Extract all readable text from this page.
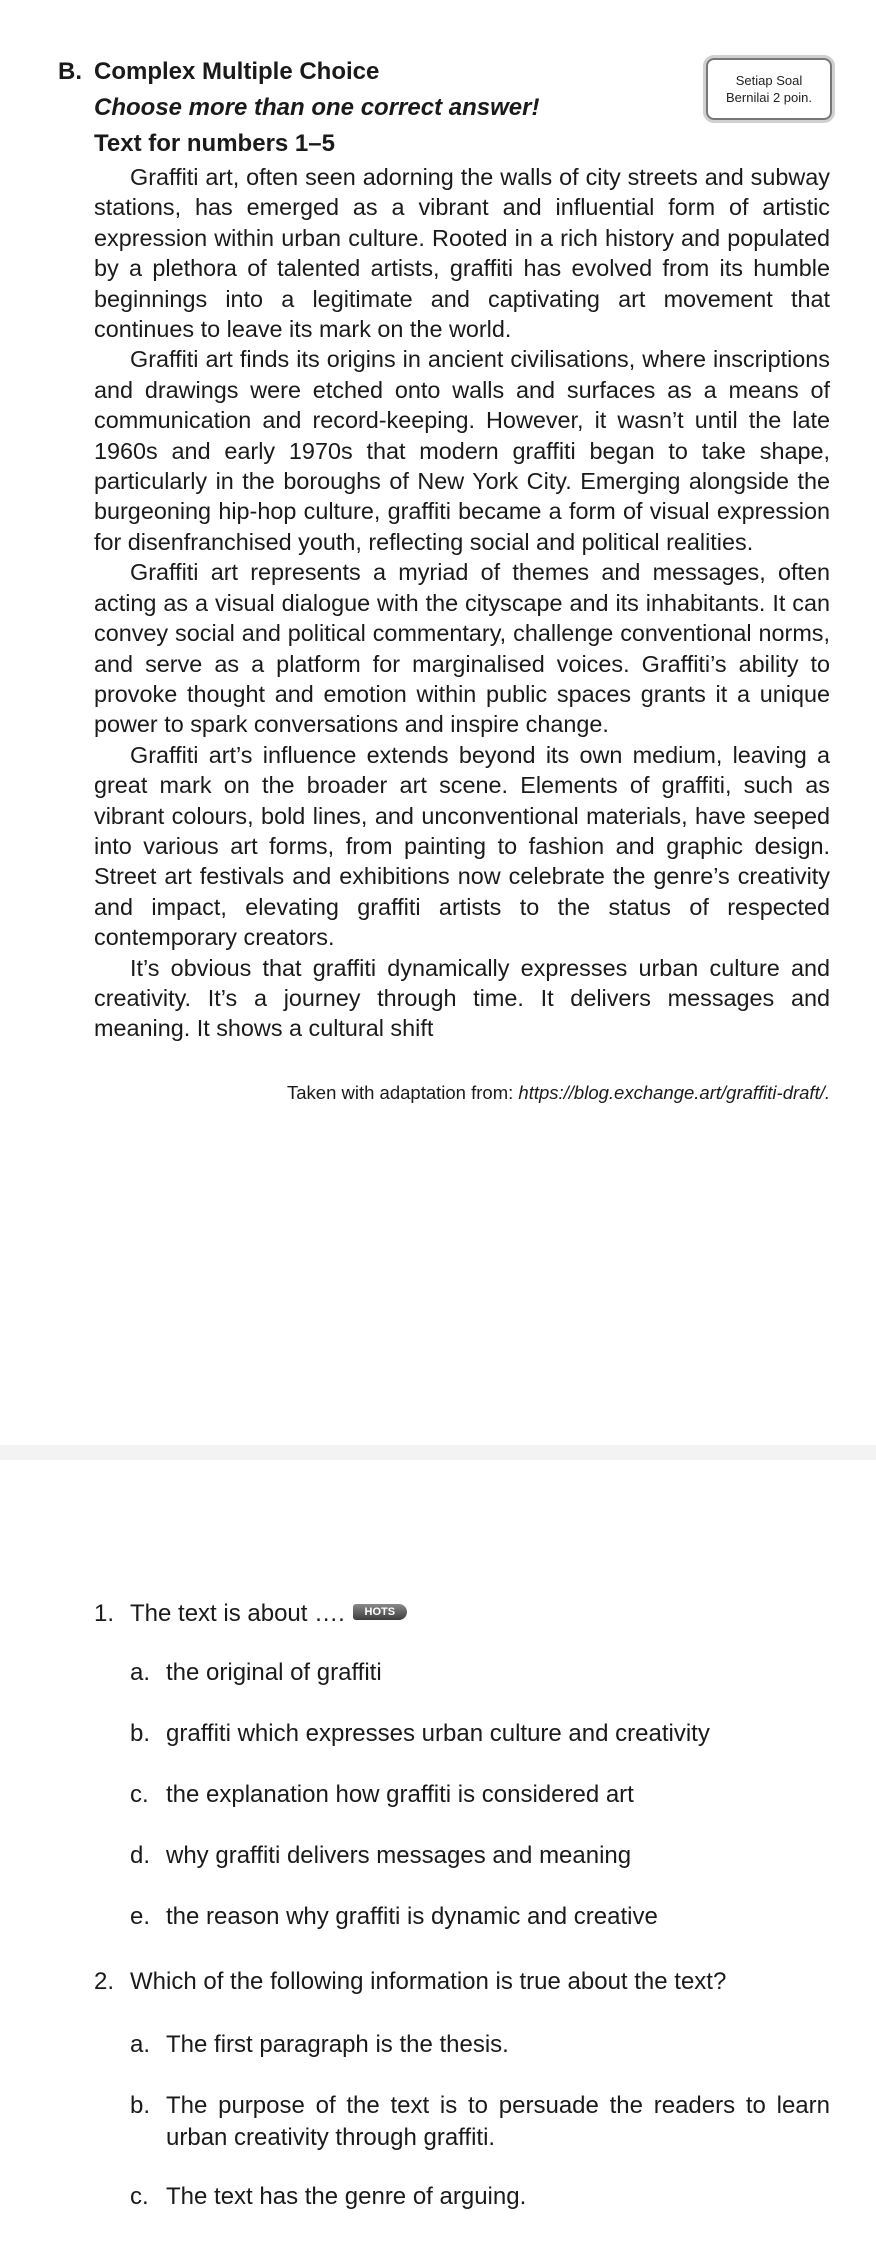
B. Complex Multiple Choice
Choose more than one correct answer!
Setiap Soal
Bernilai 2 poin.
Text for numbers 1–5

Graffiti art, often seen adorning the walls of city streets and subway stations, has emerged as a vibrant and influential form of artistic expression within urban culture. Rooted in a rich history and populated by a plethora of talented artists, graffiti has evolved from its humble beginnings into a legitimate and captivating art movement that continues to leave its mark on the world.

Graffiti art finds its origins in ancient civilisations, where inscriptions and drawings were etched onto walls and surfaces as a means of communication and record-keeping. However, it wasn’t until the late 1960s and early 1970s that modern graffiti began to take shape, particularly in the boroughs of New York City. Emerging alongside the burgeoning hip-hop culture, graffiti became a form of visual expression for disenfranchised youth, reflecting social and political realities.

Graffiti art represents a myriad of themes and messages, often acting as a visual dialogue with the cityscape and its inhabitants. It can convey social and political commentary, challenge conventional norms, and serve as a platform for marginalised voices. Graffiti’s ability to provoke thought and emotion within public spaces grants it a unique power to spark conversations and inspire change.

Graffiti art’s influence extends beyond its own medium, leaving a great mark on the broader art scene. Elements of graffiti, such as vibrant colours, bold lines, and unconventional materials, have seeped into various art forms, from painting to fashion and graphic design. Street art festivals and exhibitions now celebrate the genre’s creativity and impact, elevating graffiti artists to the status of respected contemporary creators.

It’s obvious that graffiti dynamically expresses urban culture and creativity. It’s a journey through time. It delivers messages and meaning. It shows a cultural shift

Taken with adaptation from: https://blog.exchange.art/graffiti-draft/.
1. The text is about …. HOTS
a. the original of graffiti
b. graffiti which expresses urban culture and creativity
c. the explanation how graffiti is considered art
d. why graffiti delivers messages and meaning
e. the reason why graffiti is dynamic and creative
2. Which of the following information is true about the text?
a. The first paragraph is the thesis.
b. The purpose of the text is to persuade the readers to learn urban creativity through graffiti.
c. The text has the genre of arguing.
